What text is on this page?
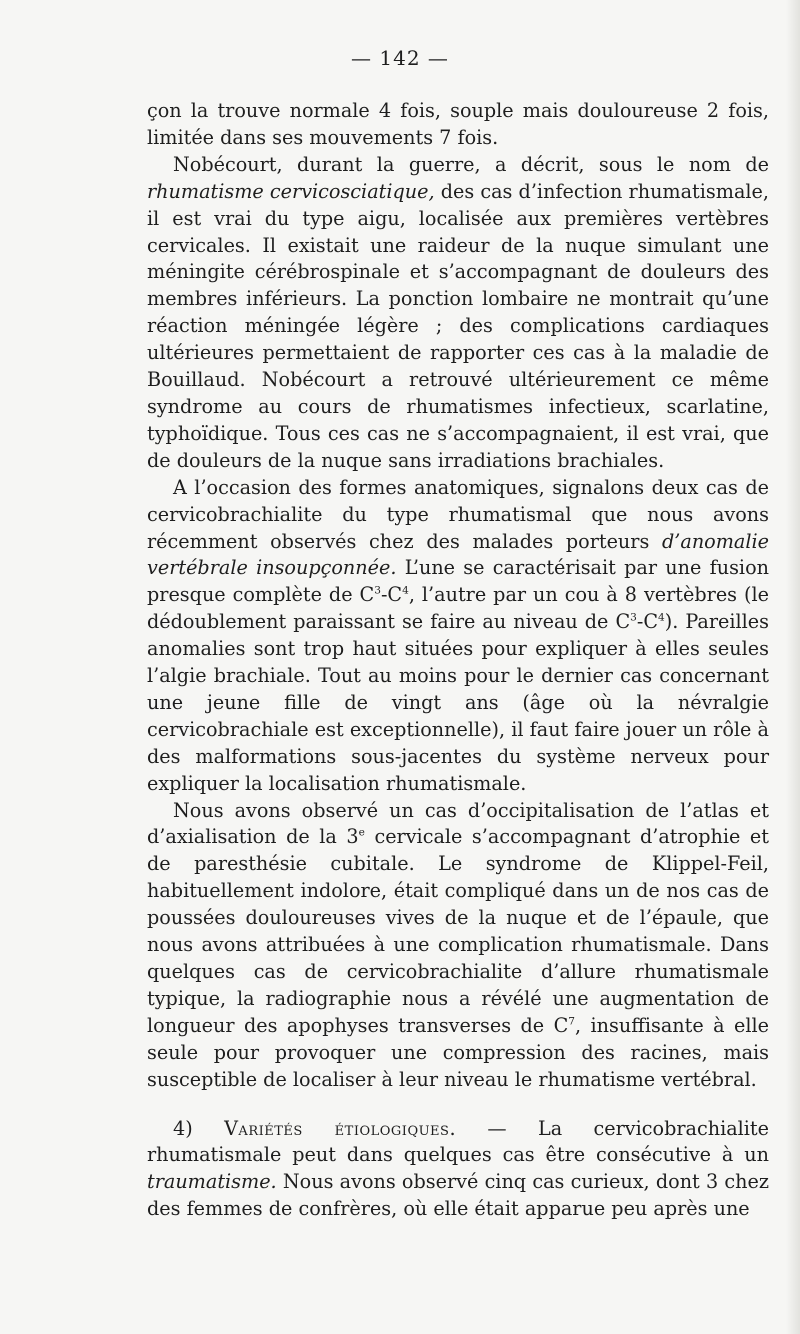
— 142 —

çon la trouve normale 4 fois, souple mais douloureuse 2 fois, limitée dans ses mouvements 7 fois.

Nobécourt, durant la guerre, a décrit, sous le nom de rhumatisme cervicosciatique, des cas d’infection rhumatismale, il est vrai du type aigu, localisée aux premières vertèbres cervicales. Il existait une raideur de la nuque simulant une méningite cérébrospinale et s’accompagnant de douleurs des membres inférieurs. La ponction lombaire ne montrait qu’une réaction méningée légère ; des complications cardiaques ultérieures permettaient de rapporter ces cas à la maladie de Bouillaud. Nobécourt a retrouvé ultérieurement ce même syndrome au cours de rhumatismes infectieux, scarlatine, typhoïdique. Tous ces cas ne s’accompagnaient, il est vrai, que de douleurs de la nuque sans irradiations brachiales.

A l’occasion des formes anatomiques, signalons deux cas de cervicobrachialite du type rhumatismal que nous avons récemment observés chez des malades porteurs d’anomalie vertébrale insoupçonnée. L’une se caractérisait par une fusion presque complète de $C^3-C^4$, l’autre par un cou à 8 vertèbres (le dédoublement paraissant se faire au niveau de $C^3-C^4$). Pareilles anomalies sont trop haut situées pour expliquer à elles seules l’algie brachiale. Tout au moins pour le dernier cas concernant une jeune fille de vingt ans (âge où la névralgie cervicobrachiale est exceptionnelle), il faut faire jouer un rôle à des malformations sous-jacentes du système nerveux pour expliquer la localisation rhumatismale.

Nous avons observé un cas d’occipitalisation de l’atlas et d’axialisation de la 3e cervicale s’accompagnant d’atrophie et de paresthésie cubitale. Le syndrome de Klippel-Feil, habituellement indolore, était compliqué dans un de nos cas de poussées douloureuses vives de la nuque et de l’épaule, que nous avons attribuées à une complication rhumatismale. Dans quelques cas de cervicobrachialite d’allure rhumatismale typique, la radiographie nous a révélé une augmentation de longueur des apophyses transverses de $C^7$, insuffisante à elle seule pour provoquer une compression des racines, mais susceptible de localiser à leur niveau le rhumatisme vertébral.

4) Variétés étiologiques. — La cervicobrachialite rhumatismale peut dans quelques cas être consécutive à un traumatisme. Nous avons observé cinq cas curieux, dont 3 chez des femmes de confrères, où elle était apparue peu après une
